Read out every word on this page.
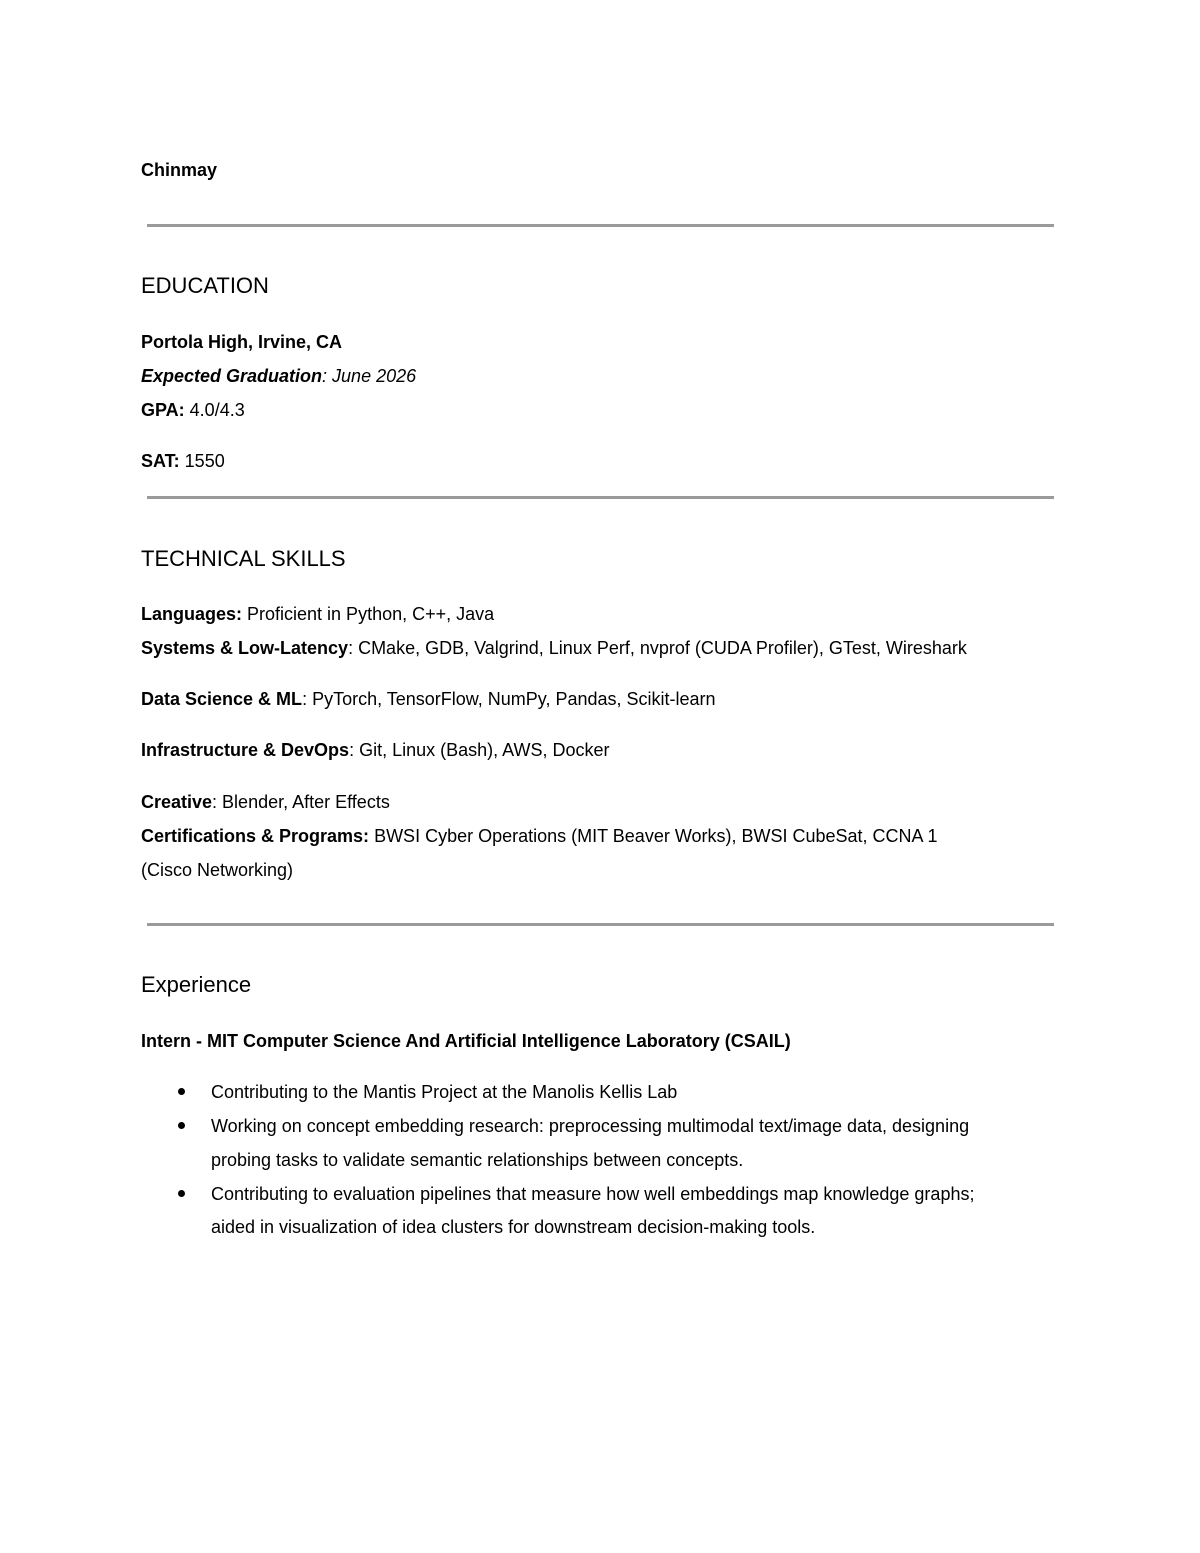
Chinmay
EDUCATION
Portola High, Irvine, CA
Expected Graduation: June 2026
GPA: 4.0/4.3
SAT: 1550
TECHNICAL SKILLS
Languages: Proficient in Python, C++, Java
Systems & Low-Latency: CMake, GDB, Valgrind, Linux Perf, nvprof (CUDA Profiler), GTest, Wireshark
Data Science & ML: PyTorch, TensorFlow, NumPy, Pandas, Scikit-learn
Infrastructure & DevOps: Git, Linux (Bash), AWS, Docker
Creative: Blender, After Effects
Certifications & Programs: BWSI Cyber Operations (MIT Beaver Works), BWSI CubeSat, CCNA 1
(Cisco Networking)
Experience
Intern - MIT Computer Science And Artificial Intelligence Laboratory (CSAIL)
Contributing to the Mantis Project at the Manolis Kellis Lab
Working on concept embedding research: preprocessing multimodal text/image data, designing
probing tasks to validate semantic relationships between concepts.
Contributing to evaluation pipelines that measure how well embeddings map knowledge graphs;
aided in visualization of idea clusters for downstream decision-making tools.
